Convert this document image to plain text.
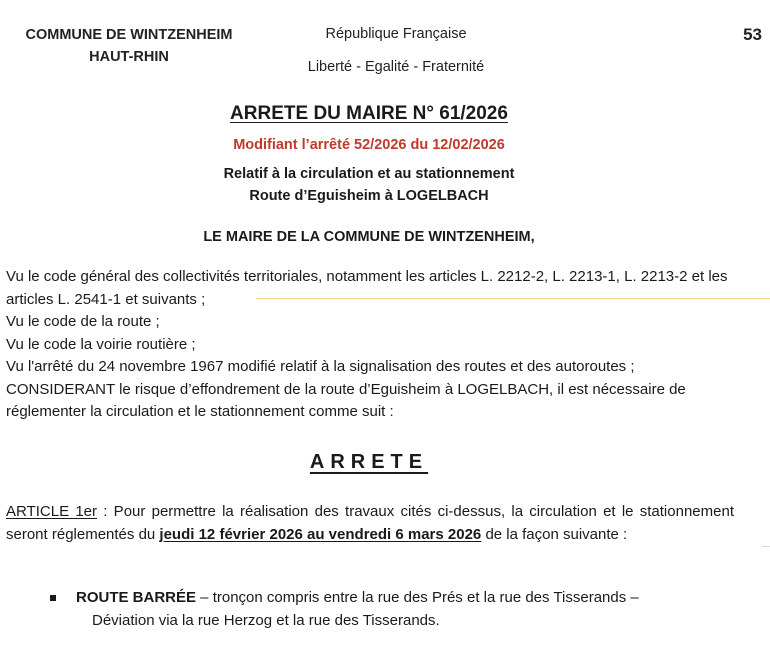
COMMUNE DE WINTZENHEIM
HAUT-RHIN
République Française
Liberté - Egalité - Fraternité
53
ARRETE DU MAIRE N° 61/2026
Modifiant l’arrêté 52/2026 du 12/02/2026
Relatif à la circulation et au stationnement
Route d’Eguisheim à LOGELBACH
LE MAIRE DE LA COMMUNE DE WINTZENHEIM,

Vu le code général des collectivités territoriales, notamment les articles L. 2212-2, L. 2213-1, L. 2213-2 et les articles L. 2541-1 et suivants ;

Vu le code de la route ;

Vu le code la voirie routière ;

Vu l'arrêté du 24 novembre 1967 modifié relatif à la signalisation des routes et des autoroutes ;

CONSIDERANT le risque d’effondrement de la route d’Eguisheim à LOGELBACH, il est nécessaire de réglementer la circulation et le stationnement comme suit :

ARRETE
ARTICLE 1er : Pour permettre la réalisation des travaux cités ci-dessus, la circulation et le stationnement seront réglementés du jeudi 12 février 2026 au vendredi 6 mars 2026 de la façon suivante :
ROUTE BARRÉE – tronçon compris entre la rue des Prés et la rue des Tisserands –
Déviation via la rue Herzog et la rue des Tisserands.
